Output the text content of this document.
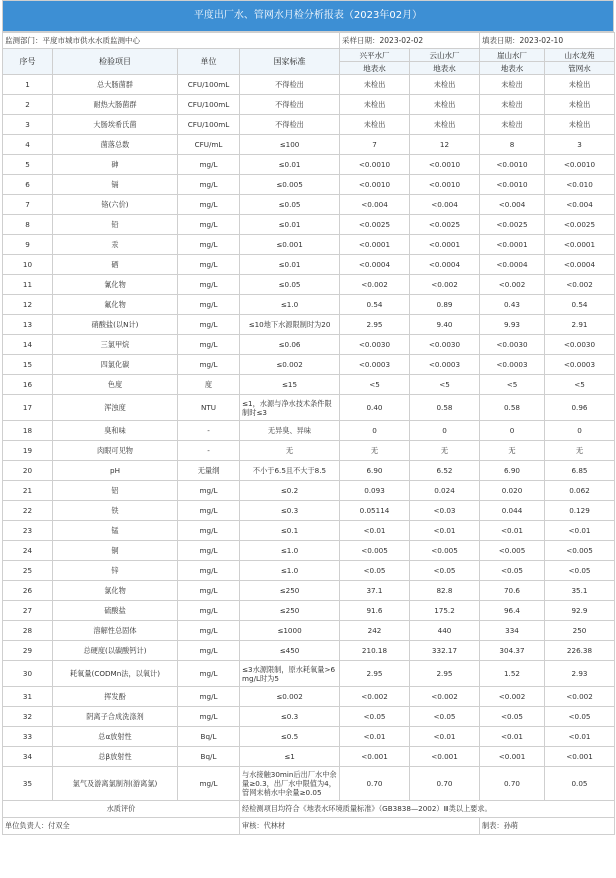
平度出厂水、管网水月检分析报表（2023年02月）
监测部门：平度市城市供水水质监测中心				采样日期：2023-02-02		填表日期：2023-02-10	
序号	检验项目	单位	国家标准	兴平水厂	云山水厂	崖山水厂	山水龙苑
				地表水	地表水	地表水	管网水
1	总大肠菌群	CFU/100mL	不得检出	未检出	未检出	未检出	未检出
2	耐热大肠菌群	CFU/100mL	不得检出	未检出	未检出	未检出	未检出
3	大肠埃希氏菌	CFU/100mL	不得检出	未检出	未检出	未检出	未检出
4	菌落总数	CFU/mL	≤100	7	12	8	3
5	砷	mg/L	≤0.01	<0.0010	<0.0010	<0.0010	<0.0010
6	镉	mg/L	≤0.005	<0.0010	<0.0010	<0.0010	<0.010
7	铬(六价)	mg/L	≤0.05	<0.004	<0.004	<0.004	<0.004
8	铅	mg/L	≤0.01	<0.0025	<0.0025	<0.0025	<0.0025
9	汞	mg/L	≤0.001	<0.0001	<0.0001	<0.0001	<0.0001
10	硒	mg/L	≤0.01	<0.0004	<0.0004	<0.0004	<0.0004
11	氰化物	mg/L	≤0.05	<0.002	<0.002	<0.002	<0.002
12	氟化物	mg/L	≤1.0	0.54	0.89	0.43	0.54
13	硝酸盐(以N计)	mg/L	≤10地下水源限制时为20	2.95	9.40	9.93	2.91
14	三氯甲烷	mg/L	≤0.06	<0.0030	<0.0030	<0.0030	<0.0030
15	四氯化碳	mg/L	≤0.002	<0.0003	<0.0003	<0.0003	<0.0003
16	色度	度	≤15	<5	<5	<5	<5
17	浑浊度	NTU	≤1，水源与净水技术条件限制时≤3	0.40	0.58	0.58	0.96
18	臭和味	-	无异臭、异味	0	0	0	0
19	肉眼可见物	-	无	无	无	无	无
20	pH	无量纲	不小于6.5且不大于8.5	6.90	6.52	6.90	6.85
21	铝	mg/L	≤0.2	0.093	0.024	0.020	0.062
22	铁	mg/L	≤0.3	0.05114	<0.03	0.044	0.129
23	锰	mg/L	≤0.1	<0.01	<0.01	<0.01	<0.01
24	铜	mg/L	≤1.0	<0.005	<0.005	<0.005	<0.005
25	锌	mg/L	≤1.0	<0.05	<0.05	<0.05	<0.05
26	氯化物	mg/L	≤250	37.1	82.8	70.6	35.1
27	硫酸盐	mg/L	≤250	91.6	175.2	96.4	92.9
28	溶解性总固体	mg/L	≤1000	242	440	334	250
29	总硬度(以碳酸钙计)	mg/L	≤450	210.18	332.17	304.37	226.38
30	耗氧量(CODMn法，以氧计)	mg/L	≤3水源限制，原水耗氧量>6 mg/L时为5	2.95	2.95	1.52	2.93
31	挥发酚	mg/L	≤0.002	<0.002	<0.002	<0.002	<0.002
32	阴离子合成洗涤剂	mg/L	≤0.3	<0.05	<0.05	<0.05	<0.05
33	总α放射性	Bq/L	≤0.5	<0.01	<0.01	<0.01	<0.01
34	总β放射性	Bq/L	≤1	<0.001	<0.001	<0.001	<0.001
35	氯气及游离氯制剂(游离氯)	mg/L	与水接触30min后出厂水中余量≥0.3，出厂水中限值为4，管网末梢水中余量≥0.05	0.70	0.70	0.70	0.05
水质评价			经检测项目均符合《地表水环境质量标准》（GB3838—2002）Ⅲ类以上要求。				
单位负责人：付双全			审核：代林材			制表：孙萌	
